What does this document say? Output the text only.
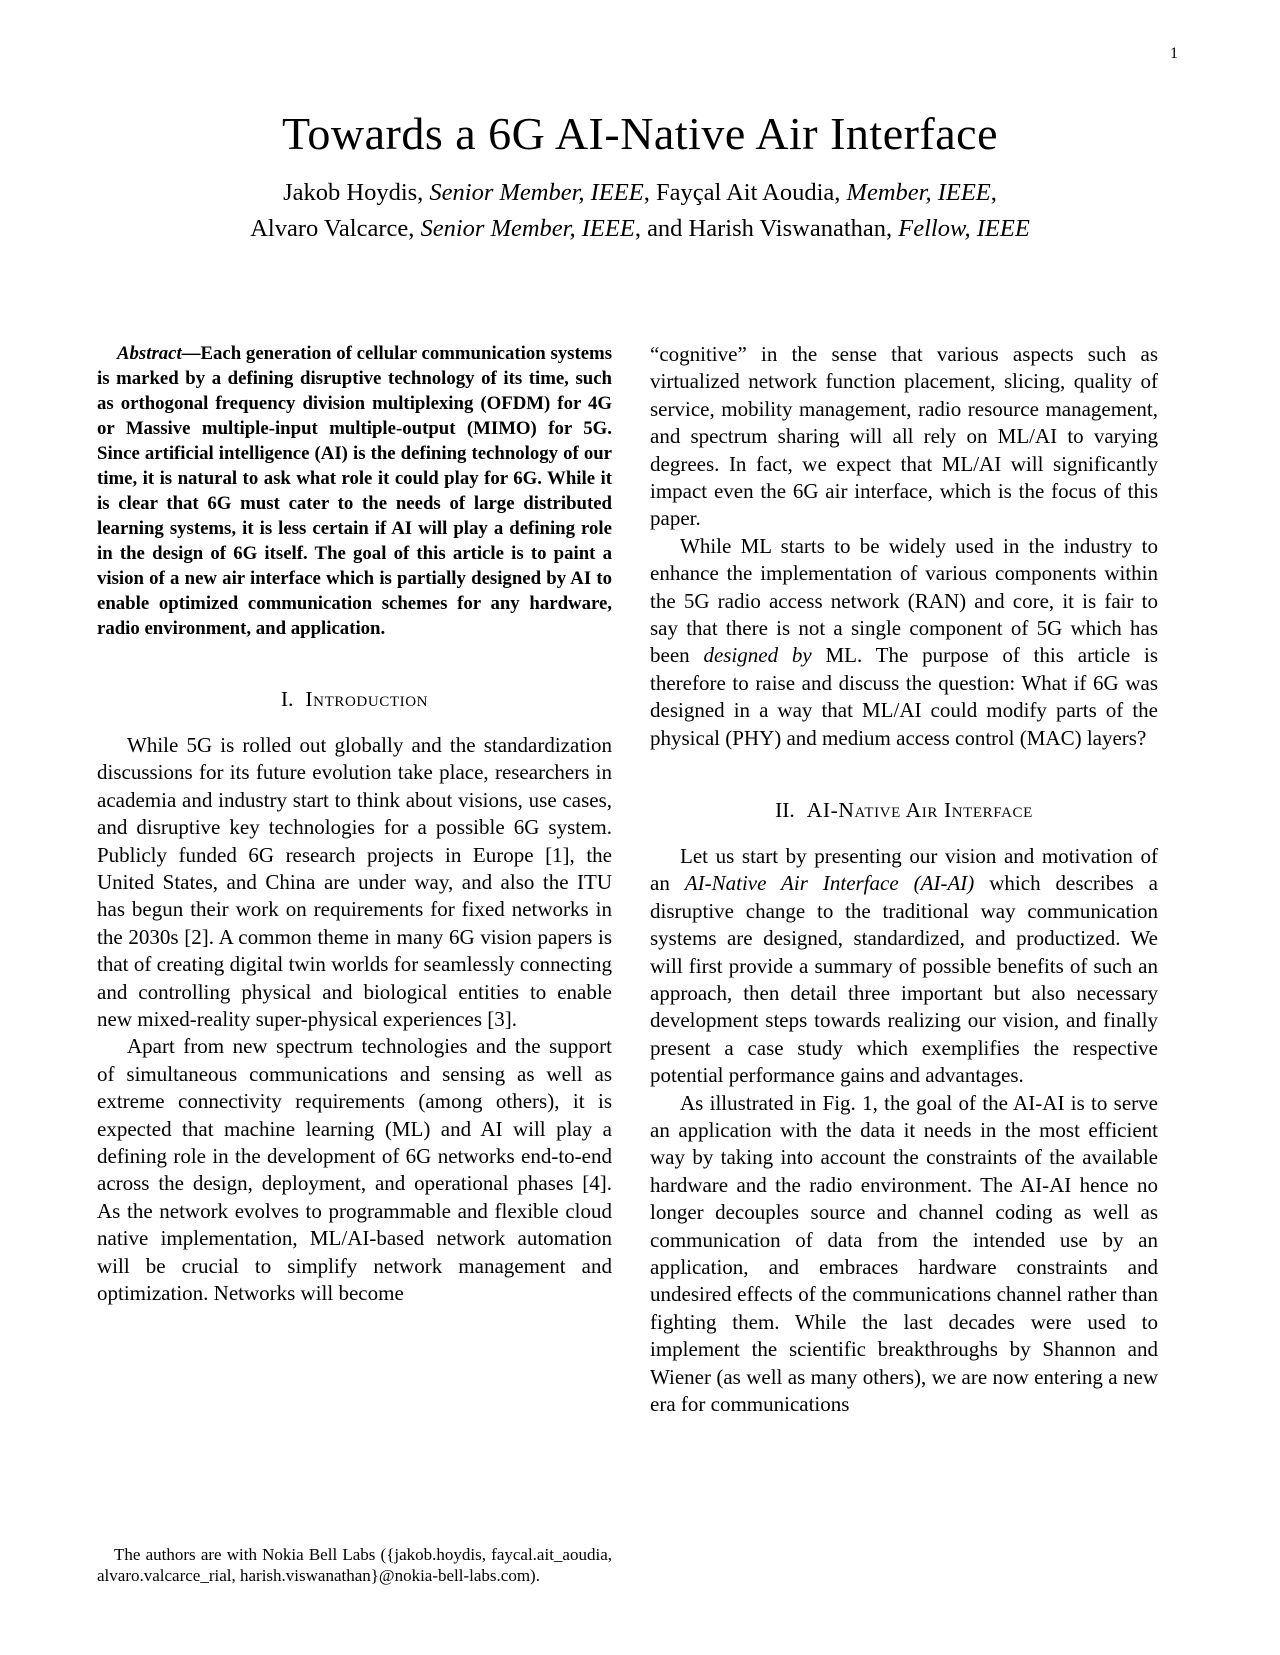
1
Towards a 6G AI-Native Air Interface
Jakob Hoydis, Senior Member, IEEE, Fayçal Ait Aoudia, Member, IEEE,
Alvaro Valcarce, Senior Member, IEEE, and Harish Viswanathan, Fellow, IEEE

Abstract—Each generation of cellular communication systems is marked by a defining disruptive technology of its time, such as orthogonal frequency division multiplexing (OFDM) for 4G or Massive multiple-input multiple-output (MIMO) for 5G. Since artificial intelligence (AI) is the defining technology of our time, it is natural to ask what role it could play for 6G. While it is clear that 6G must cater to the needs of large distributed learning systems, it is less certain if AI will play a defining role in the design of 6G itself. The goal of this article is to paint a vision of a new air interface which is partially designed by AI to enable optimized communication schemes for any hardware, radio environment, and application.

I. Introduction

While 5G is rolled out globally and the standardization discussions for its future evolution take place, researchers in academia and industry start to think about visions, use cases, and disruptive key technologies for a possible 6G system. Publicly funded 6G research projects in Europe [1], the United States, and China are under way, and also the ITU has begun their work on requirements for fixed networks in the 2030s [2]. A common theme in many 6G vision papers is that of creating digital twin worlds for seamlessly connecting and controlling physical and biological entities to enable new mixed-reality super-physical experiences [3].

Apart from new spectrum technologies and the support of simultaneous communications and sensing as well as extreme connectivity requirements (among others), it is expected that machine learning (ML) and AI will play a defining role in the development of 6G networks end-to-end across the design, deployment, and operational phases [4]. As the network evolves to programmable and flexible cloud native implementation, ML/AI-based network automation will be crucial to simplify network management and optimization. Networks will become

The authors are with Nokia Bell Labs ({jakob.hoydis, faycal.ait_aoudia, alvaro.valcarce_rial, harish.viswanathan}@nokia-bell-labs.com).

“cognitive” in the sense that various aspects such as virtualized network function placement, slicing, quality of service, mobility management, radio resource management, and spectrum sharing will all rely on ML/AI to varying degrees. In fact, we expect that ML/AI will significantly impact even the 6G air interface, which is the focus of this paper.

While ML starts to be widely used in the industry to enhance the implementation of various components within the 5G radio access network (RAN) and core, it is fair to say that there is not a single component of 5G which has been designed by ML. The purpose of this article is therefore to raise and discuss the question: What if 6G was designed in a way that ML/AI could modify parts of the physical (PHY) and medium access control (MAC) layers?

II. AI-Native Air Interface

Let us start by presenting our vision and motivation of an AI-Native Air Interface (AI-AI) which describes a disruptive change to the traditional way communication systems are designed, standardized, and productized. We will first provide a summary of possible benefits of such an approach, then detail three important but also necessary development steps towards realizing our vision, and finally present a case study which exemplifies the respective potential performance gains and advantages.

As illustrated in Fig. 1, the goal of the AI-AI is to serve an application with the data it needs in the most efficient way by taking into account the constraints of the available hardware and the radio environment. The AI-AI hence no longer decouples source and channel coding as well as communication of data from the intended use by an application, and embraces hardware constraints and undesired effects of the communications channel rather than fighting them. While the last decades were used to implement the scientific breakthroughs by Shannon and Wiener (as well as many others), we are now entering a new era for communications
